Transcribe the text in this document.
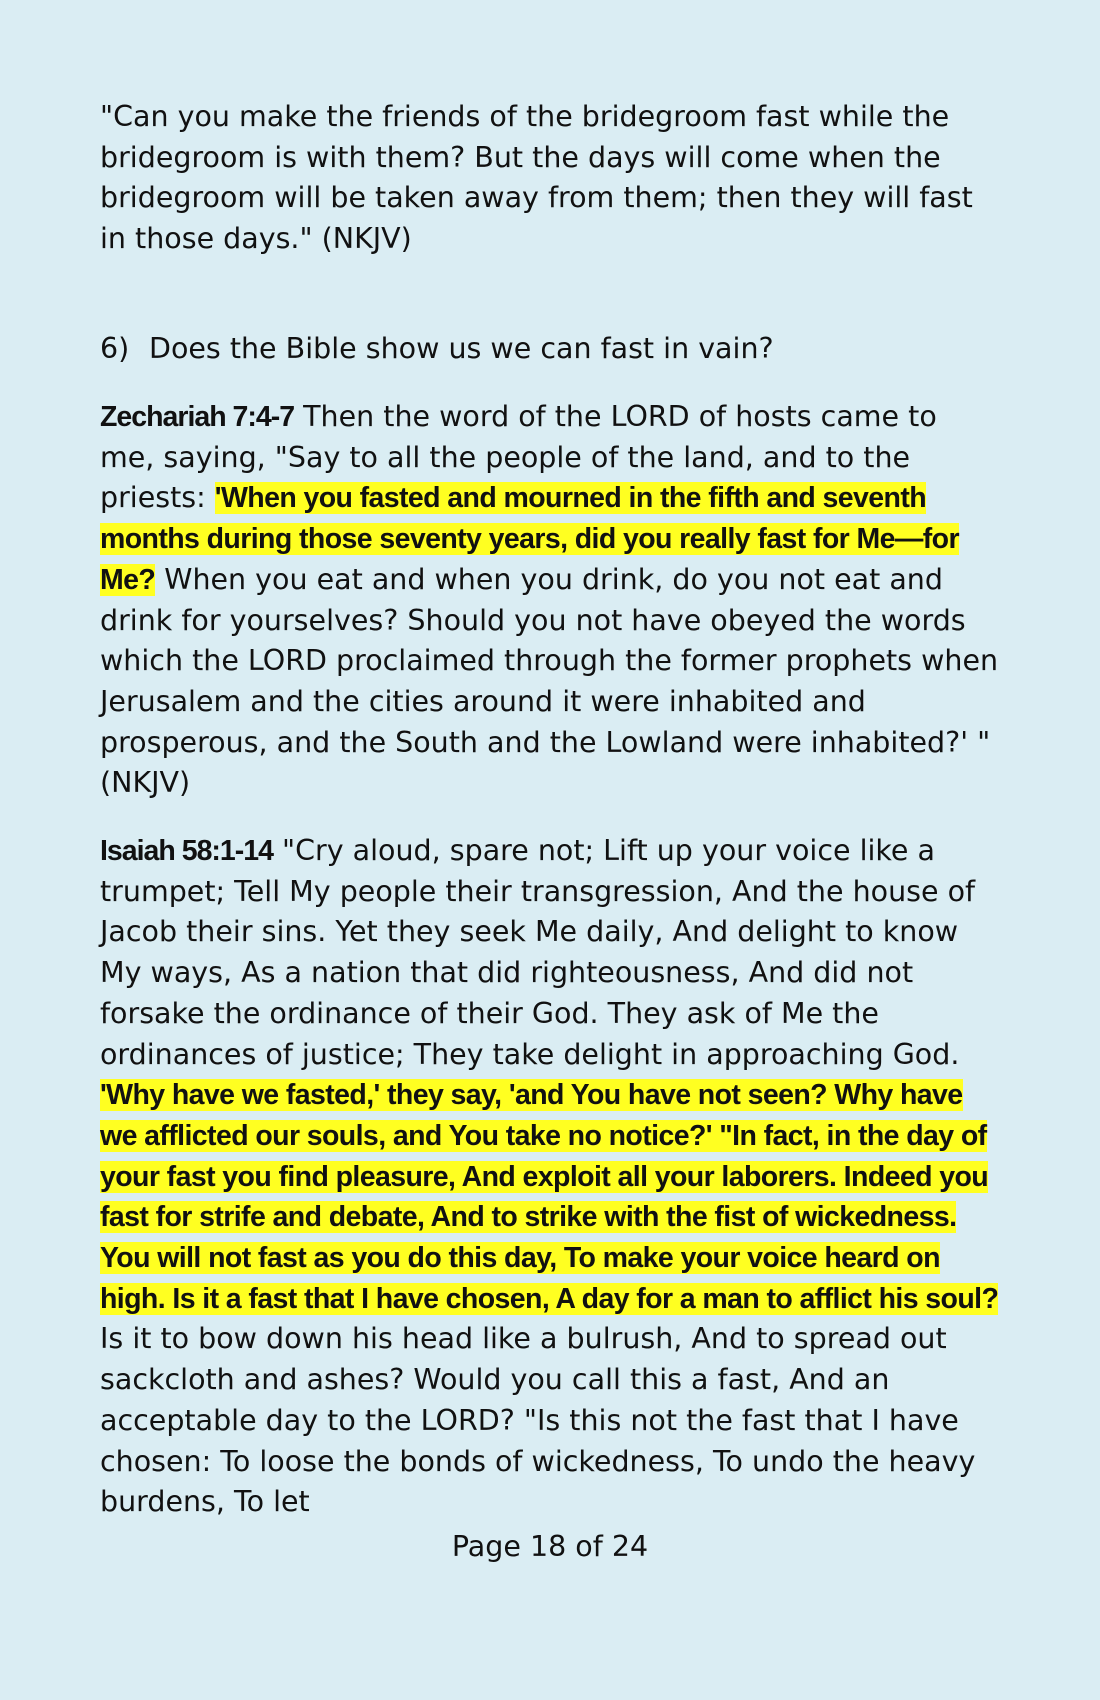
"Can you make the friends of the bridegroom fast while the bridegroom is with them? But the days will come when the bridegroom will be taken away from them; then they will fast in those days." (NKJV)

6) Does the Bible show us we can fast in vain?

Zechariah 7:4-7 Then the word of the LORD of hosts came to me, saying, "Say to all the people of the land, and to the priests: 'When you fasted and mourned in the fifth and seventh months during those seventy years, did you really fast for Me—for Me? When you eat and when you drink, do you not eat and drink for yourselves? Should you not have obeyed the words which the LORD proclaimed through the former prophets when Jerusalem and the cities around it were inhabited and prosperous, and the South and the Lowland were inhabited?' " (NKJV)

Isaiah 58:1-14 "Cry aloud, spare not; Lift up your voice like a trumpet; Tell My people their transgression, And the house of Jacob their sins. Yet they seek Me daily, And delight to know My ways, As a nation that did righteousness, And did not forsake the ordinance of their God. They ask of Me the ordinances of justice; They take delight in approaching God. 'Why have we fasted,' they say, 'and You have not seen? Why have we afflicted our souls, and You take no notice?' "In fact, in the day of your fast you find pleasure, And exploit all your laborers. Indeed you fast for strife and debate, And to strike with the fist of wickedness. You will not fast as you do this day, To make your voice heard on high. Is it a fast that I have chosen, A day for a man to afflict his soul? Is it to bow down his head like a bulrush, And to spread out sackcloth and ashes? Would you call this a fast, And an acceptable day to the LORD? "Is this not the fast that I have chosen: To loose the bonds of wickedness, To undo the heavy burdens, To let

Page 18 of 24
